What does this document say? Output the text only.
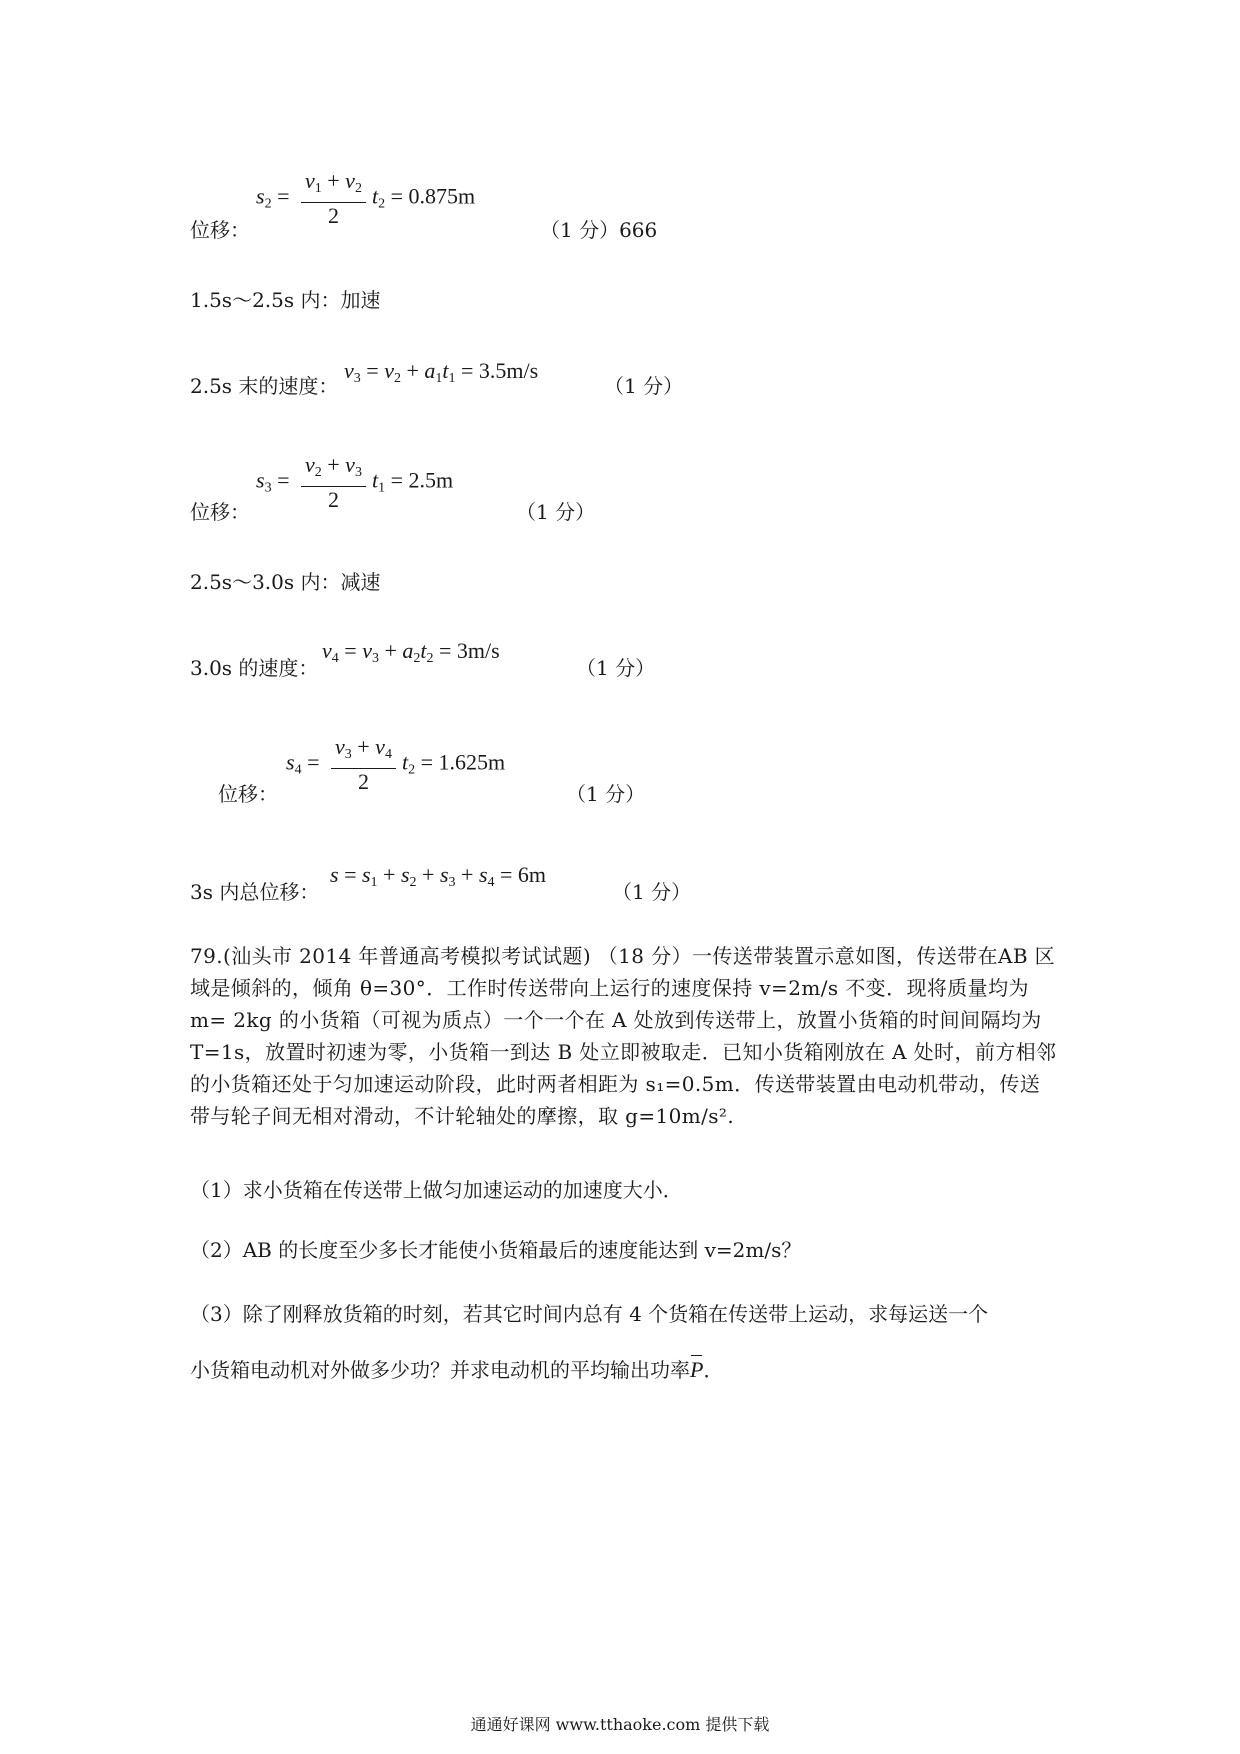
位移：
$s_2 = \frac{v_1 + v_2}{2} t_2 = 0.875m$
（1 分）666
1.5s～2.5s 内：加速
2.5s 末的速度：
$v_3 = v_2 + a_1t_1 = 3.5m/s$
（1 分）
位移：
$s_3 = \frac{v_2 + v_3}{2} t_1 = 2.5m$
（1 分）
2.5s～3.0s 内：减速
3.0s 的速度：
$v_4 = v_3 + a_2t_2 = 3m/s$
（1 分）
位移：
$s_4 = \frac{v_3 + v_4}{2} t_2 = 1.625m$
（1 分）
3s 内总位移：
$s = s_1 + s_2 + s_3 + s_4 = 6m$
（1 分）
79.(汕头市 2014 年普通高考模拟考试试题) （18 分）一传送带装置示意如图，传送带在AB 区域是倾斜的，倾角 θ=30°．工作时传送带向上运行的速度保持 v=2m/s 不变．现将质量均为 m= 2kg 的小货箱（可视为质点）一个一个在 A 处放到传送带上，放置小货箱的时间间隔均为 T=1s，放置时初速为零，小货箱一到达 B 处立即被取走．已知小货箱刚放在 A 处时，前方相邻的小货箱还处于匀加速运动阶段，此时两者相距为 s₁=0.5m．传送带装置由电动机带动，传送带与轮子间无相对滑动，不计轮轴处的摩擦，取 g=10m/s².
（1）求小货箱在传送带上做匀加速运动的加速度大小．
（2）AB 的长度至少多长才能使小货箱最后的速度能达到 v=2m/s？
（3）除了刚释放货箱的时刻，若其它时间内总有 4 个货箱在传送带上运动，求每运送一个
小货箱电动机对外做多少功？并求电动机的平均输出功率P．
通通好课网 www.tthaoke.com 提供下载
